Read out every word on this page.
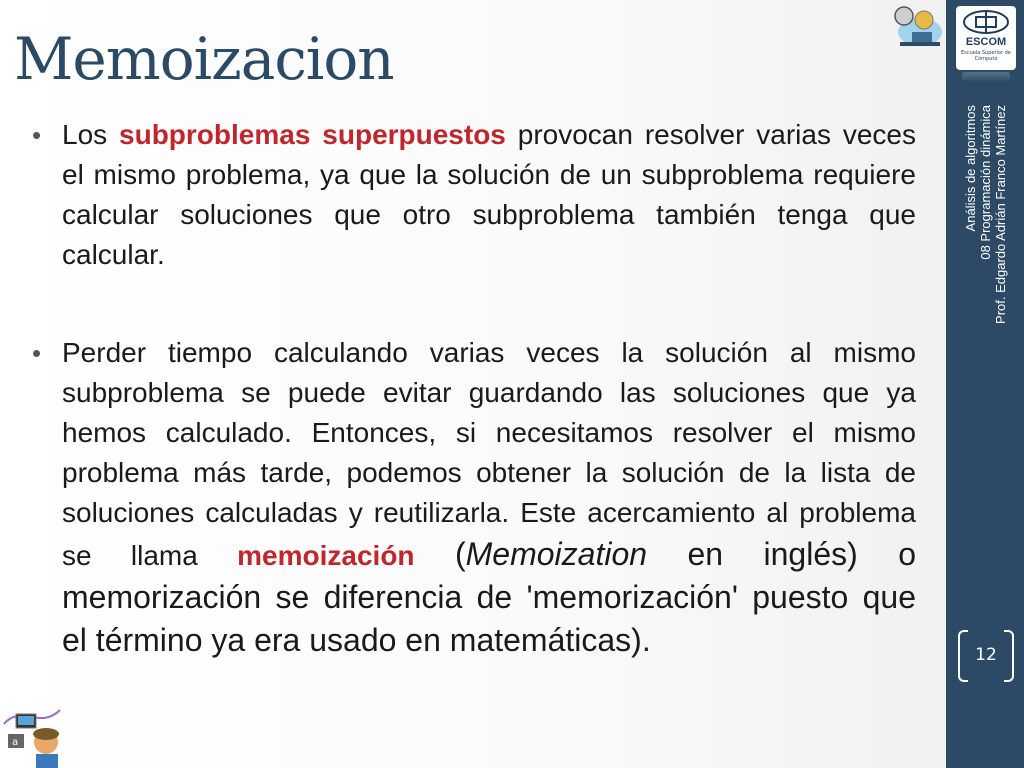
Memoizacion
• Los subproblemas superpuestos provocan resolver varias veces el mismo problema, ya que la solución de un subproblema requiere calcular soluciones que otro subproblema también tenga que calcular.
• Perder tiempo calculando varias veces la solución al mismo subproblema se puede evitar guardando las soluciones que ya hemos calculado. Entonces, si necesitamos resolver el mismo problema más tarde, podemos obtener la solución de la lista de soluciones calculadas y reutilizarla. Este acercamiento al problema se llama memoización (Memoization en inglés) o memorización se diferencia de 'memorización' puesto que el término ya era usado en matemáticas).
ESCOM
Escuela Superior de Cómputo
Análisis de algoritmos 08 Programación dinámica Prof. Edgardo Adrián Franco Martínez
12
a
